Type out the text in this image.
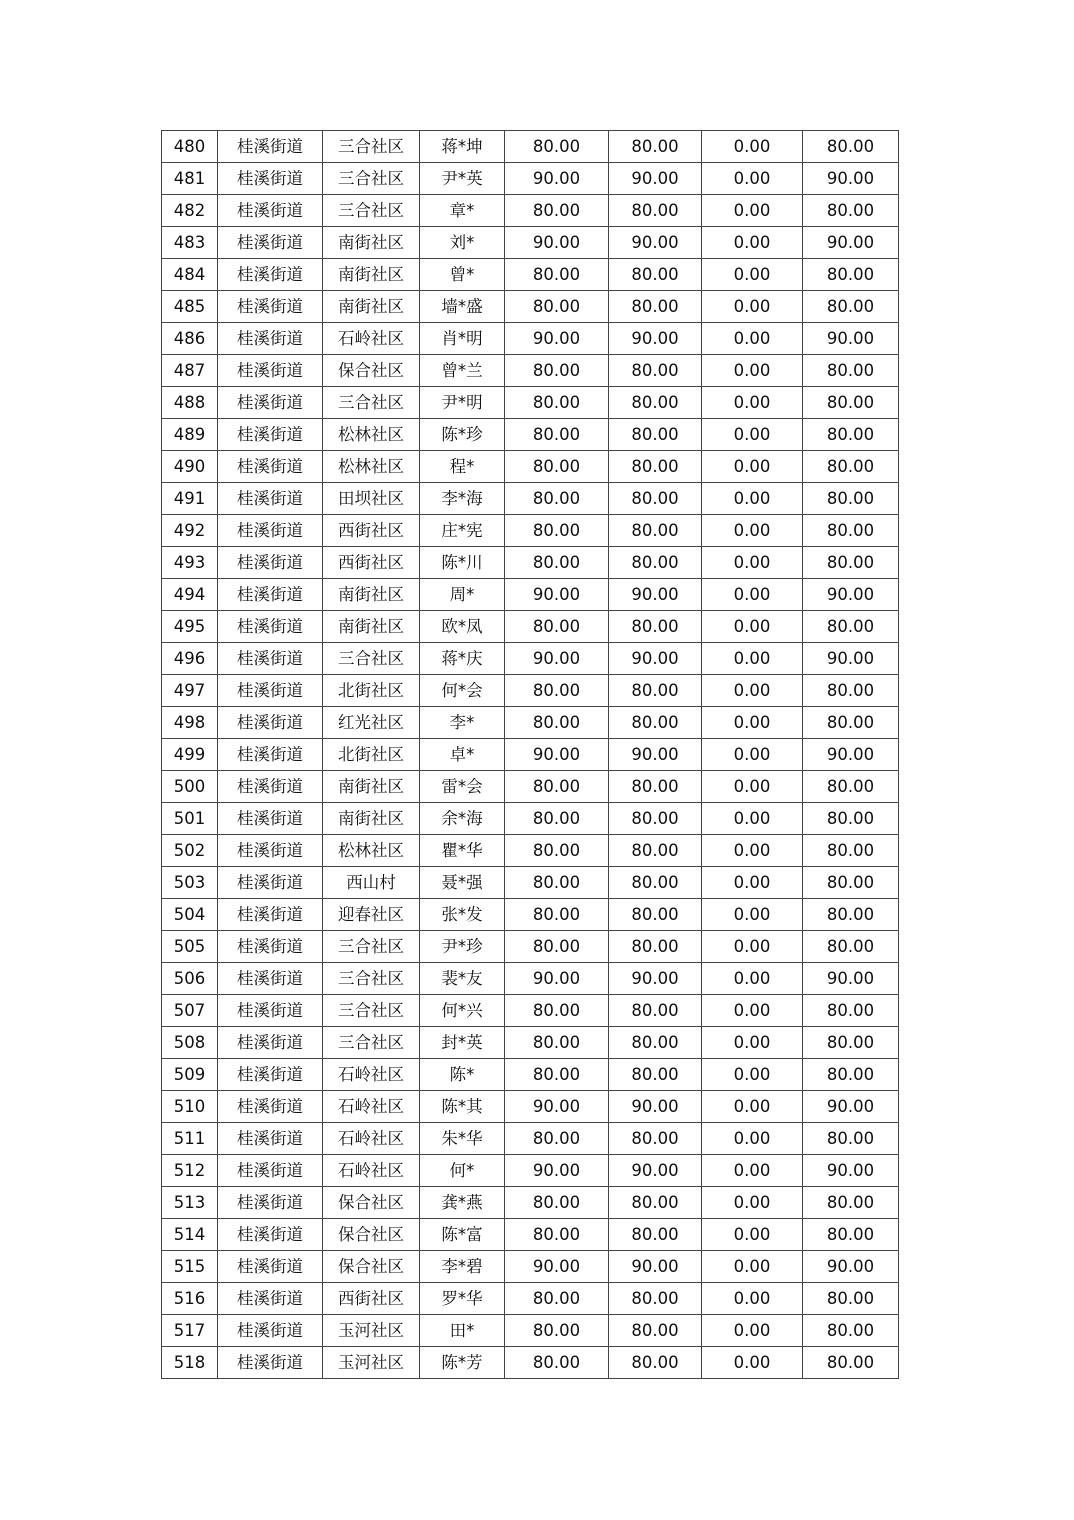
480	桂溪街道	三合社区	蒋*坤	80.00	80.00	0.00	80.00
481	桂溪街道	三合社区	尹*英	90.00	90.00	0.00	90.00
482	桂溪街道	三合社区	章*	80.00	80.00	0.00	80.00
483	桂溪街道	南街社区	刘*	90.00	90.00	0.00	90.00
484	桂溪街道	南街社区	曾*	80.00	80.00	0.00	80.00
485	桂溪街道	南街社区	墙*盛	80.00	80.00	0.00	80.00
486	桂溪街道	石岭社区	肖*明	90.00	90.00	0.00	90.00
487	桂溪街道	保合社区	曾*兰	80.00	80.00	0.00	80.00
488	桂溪街道	三合社区	尹*明	80.00	80.00	0.00	80.00
489	桂溪街道	松林社区	陈*珍	80.00	80.00	0.00	80.00
490	桂溪街道	松林社区	程*	80.00	80.00	0.00	80.00
491	桂溪街道	田坝社区	李*海	80.00	80.00	0.00	80.00
492	桂溪街道	西街社区	庄*宪	80.00	80.00	0.00	80.00
493	桂溪街道	西街社区	陈*川	80.00	80.00	0.00	80.00
494	桂溪街道	南街社区	周*	90.00	90.00	0.00	90.00
495	桂溪街道	南街社区	欧*凤	80.00	80.00	0.00	80.00
496	桂溪街道	三合社区	蒋*庆	90.00	90.00	0.00	90.00
497	桂溪街道	北街社区	何*会	80.00	80.00	0.00	80.00
498	桂溪街道	红光社区	李*	80.00	80.00	0.00	80.00
499	桂溪街道	北街社区	卓*	90.00	90.00	0.00	90.00
500	桂溪街道	南街社区	雷*会	80.00	80.00	0.00	80.00
501	桂溪街道	南街社区	余*海	80.00	80.00	0.00	80.00
502	桂溪街道	松林社区	瞿*华	80.00	80.00	0.00	80.00
503	桂溪街道	西山村	聂*强	80.00	80.00	0.00	80.00
504	桂溪街道	迎春社区	张*发	80.00	80.00	0.00	80.00
505	桂溪街道	三合社区	尹*珍	80.00	80.00	0.00	80.00
506	桂溪街道	三合社区	裴*友	90.00	90.00	0.00	90.00
507	桂溪街道	三合社区	何*兴	80.00	80.00	0.00	80.00
508	桂溪街道	三合社区	封*英	80.00	80.00	0.00	80.00
509	桂溪街道	石岭社区	陈*	80.00	80.00	0.00	80.00
510	桂溪街道	石岭社区	陈*其	90.00	90.00	0.00	90.00
511	桂溪街道	石岭社区	朱*华	80.00	80.00	0.00	80.00
512	桂溪街道	石岭社区	何*	90.00	90.00	0.00	90.00
513	桂溪街道	保合社区	龚*燕	80.00	80.00	0.00	80.00
514	桂溪街道	保合社区	陈*富	80.00	80.00	0.00	80.00
515	桂溪街道	保合社区	李*碧	90.00	90.00	0.00	90.00
516	桂溪街道	西街社区	罗*华	80.00	80.00	0.00	80.00
517	桂溪街道	玉河社区	田*	80.00	80.00	0.00	80.00
518	桂溪街道	玉河社区	陈*芳	80.00	80.00	0.00	80.00
